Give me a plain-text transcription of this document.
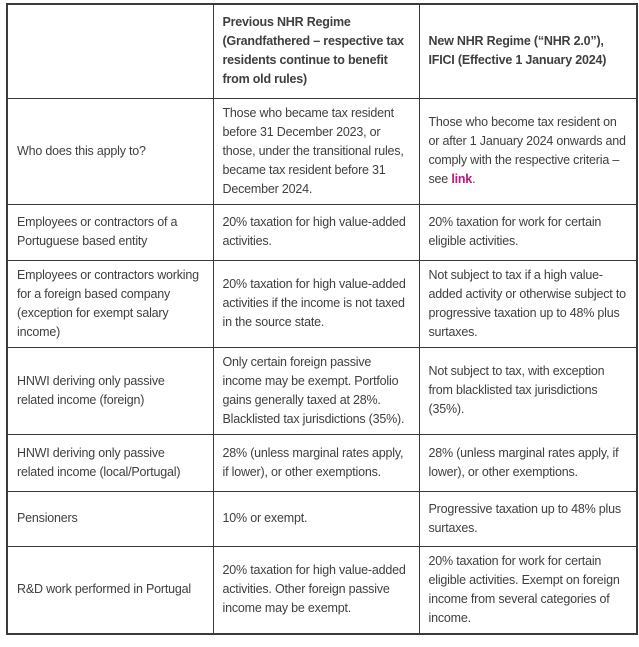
	Previous NHR Regime (Grandfathered – respective tax residents continue to benefit from old rules)	New NHR Regime (“NHR 2.0”), IFICI (Effective 1 January 2024)
Who does this apply to?	Those who became tax resident before 31 December 2023, or those, under the transitional rules, became tax resident before 31 December 2024.	Those who become tax resident on or after 1 January 2024 onwards and comply with the respective criteria – see link.
Employees or contractors of a Portuguese based entity	20% taxation for high value-added activities.	20% taxation for work for certain eligible activities.
Employees or contractors working for a foreign based company (exception for exempt salary income)	20% taxation for high value-added activities if the income is not taxed in the source state.	Not subject to tax if a high value-added activity or otherwise subject to progressive taxation up to 48% plus surtaxes.
HNWI deriving only passive related income (foreign)	Only certain foreign passive income may be exempt. Portfolio gains generally taxed at 28%. Blacklisted tax jurisdictions (35%).	Not subject to tax, with exception from blacklisted tax jurisdictions (35%).
HNWI deriving only passive related income (local/Portugal)	28% (unless marginal rates apply, if lower), or other exemptions.	28% (unless marginal rates apply, if lower), or other exemptions.
Pensioners	10% or exempt.	Progressive taxation up to 48% plus surtaxes.
R&D work performed in Portugal	20% taxation for high value-added activities. Other foreign passive income may be exempt.	20% taxation for work for certain eligible activities. Exempt on foreign income from several categories of income.
